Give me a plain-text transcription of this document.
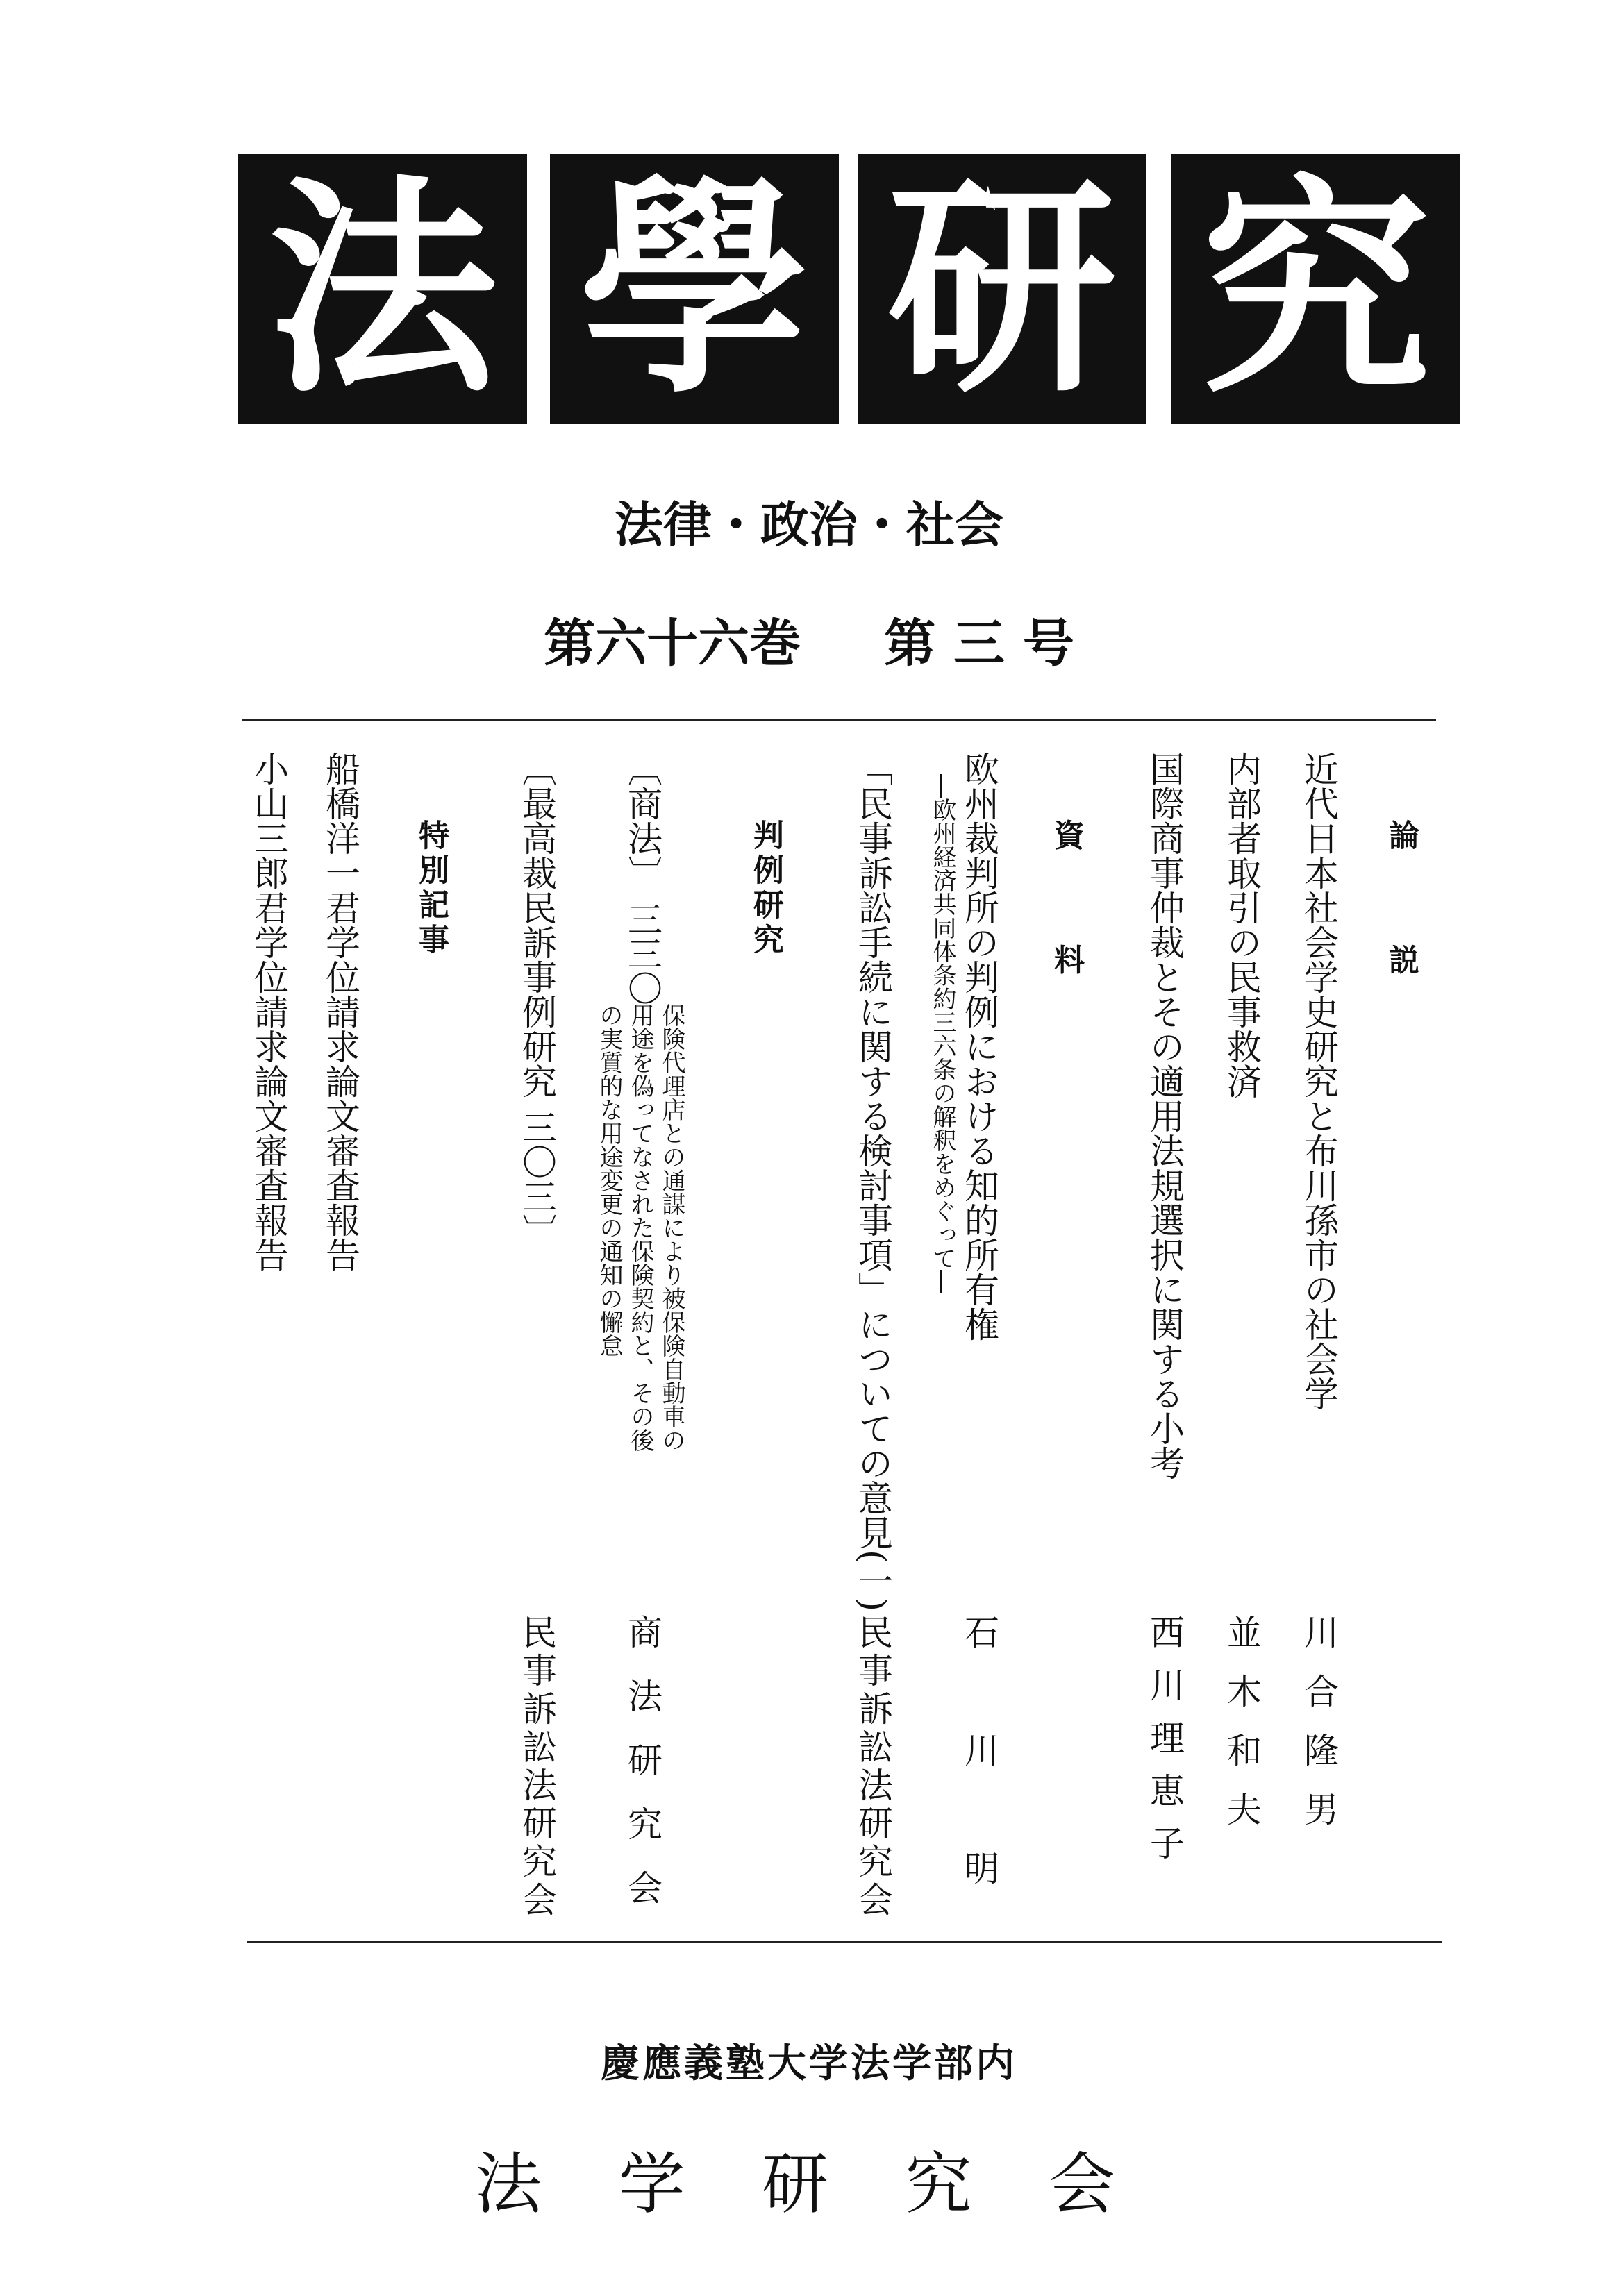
法 學 研 究
法律・政治・社会
第六十六巻 第 三 号
論 説
近代日本社会学史研究と布川孫市の社会学
川合隆男
内部者取引の民事救済
並木和夫
国際商事仲裁とその適用法規選択に関する小考
西川理恵子
資 料
欧州裁判所の判例における知的所有権
―欧州経済共同体条約三六条の解釈をめぐって―
石川明
「民事訴訟手続に関する検討事項」についての意見(一)
民事訴訟法研究会
判例研究
〔商法〕 三三〇
保険代理店との通謀により被保険自動車の
用途を偽ってなされた保険契約と、その後
の実質的な用途変更の通知の懈怠
商法研究会
〔最高裁民訴事例研究 三〇三〕
民事訴訟法研究会
特別記事
船橋洋一君学位請求論文審査報告
小山三郎君学位請求論文審査報告
慶應義塾大学法学部内
法 学 研 究 会
